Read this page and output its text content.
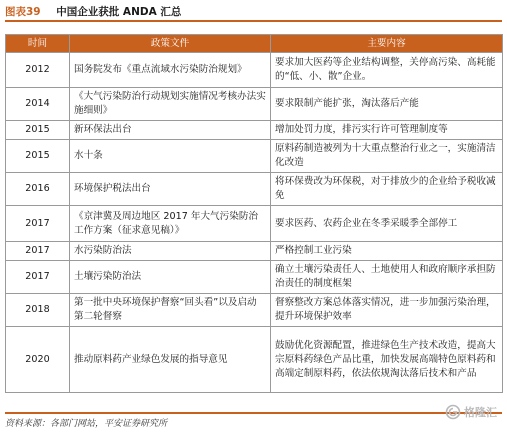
图表39 中国企业获批 ANDA 汇总
时间	政策文件	主要内容
2012	国务院发布《重点流域水污染防治规划》	要求加大医药等企业结构调整，关停高污染、高耗能的“低、小、散”企业。
2014	《大气污染防治行动规划实施情况考核办法实施细则》	要求限制产能扩张，淘汰落后产能
2015	新环保法出台	增加处罚力度，排污实行许可管理制度等
2015	水十条	原料药制造被列为十大重点整治行业之一，实施清洁化改造
2016	环境保护税法出台	将环保费改为环保税，对于排放少的企业给予税收减免
2017	《京津冀及周边地区 2017 年大气污染防治工作方案（征求意见稿）》	要求医药、农药企业在冬季采暖季全部停工
2017	水污染防治法	严格控制工业污染
2017	土壤污染防治法	确立土壤污染责任人、土地使用人和政府顺序承担防治责任的制度框架
2018	第一批中央环境保护督察“回头看”以及启动第二轮督察	督察整改方案总体落实情况，进一步加强污染治理，提升环境保护效率
2020	推动原料药产业绿色发展的指导意见	鼓励优化资源配置，推进绿色生产技术改造，提高大宗原料药绿色产品比重，加快发展高端特色原料药和高端定制原料药，依法依规淘汰落后技术和产品
资料来源：各部门网站，平安证券研究所
格隆汇
